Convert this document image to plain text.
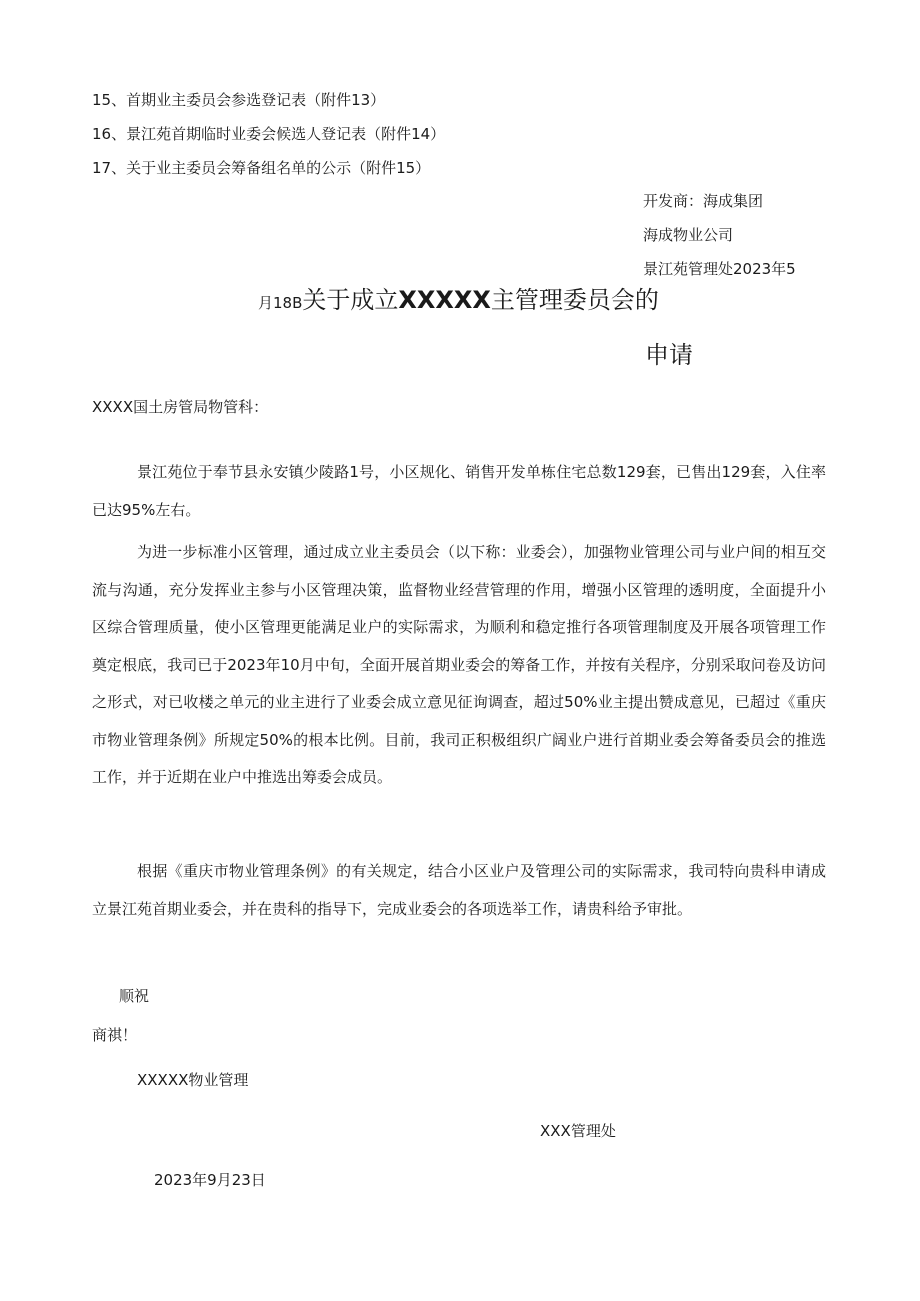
15、首期业主委员会参选登记表（附件13）
16、景江苑首期临时业委会候选人登记表（附件14）
17、关于业主委员会筹备组名单的公示（附件15）
开发商：海成集团
海成物业公司
景江苑管理处2023年5
月18B关于成立XXXXX主管理委员会的
申请
XXXX国土房管局物管科：
景江苑位于奉节县永安镇少陵路1号，小区规化、销售开发单栋住宅总数129套，已售出129套，入住率已达95%左右。
为进一步标准小区管理，通过成立业主委员会（以下称：业委会），加强物业管理公司与业户间的相互交流与沟通，充分发挥业主参与小区管理决策，监督物业经营管理的作用，增强小区管理的透明度，全面提升小区综合管理质量，使小区管理更能满足业户的实际需求，为顺利和稳定推行各项管理制度及开展各项管理工作奠定根底，我司已于2023年10月中旬，全面开展首期业委会的筹备工作，并按有关程序，分别采取问卷及访问之形式，对已收楼之单元的业主进行了业委会成立意见征询调查，超过50%业主提出赞成意见，已超过《重庆市物业管理条例》所规定50%的根本比例。目前，我司正积极组织广阔业户进行首期业委会筹备委员会的推选工作，并于近期在业户中推选出筹委会成员。
根据《重庆市物业管理条例》的有关规定，结合小区业户及管理公司的实际需求，我司特向贵科申请成立景江苑首期业委会，并在贵科的指导下，完成业委会的各项选举工作，请贵科给予审批。
顺祝
商祺！
XXXXX物业管理
XXX管理处
2023年9月23日
